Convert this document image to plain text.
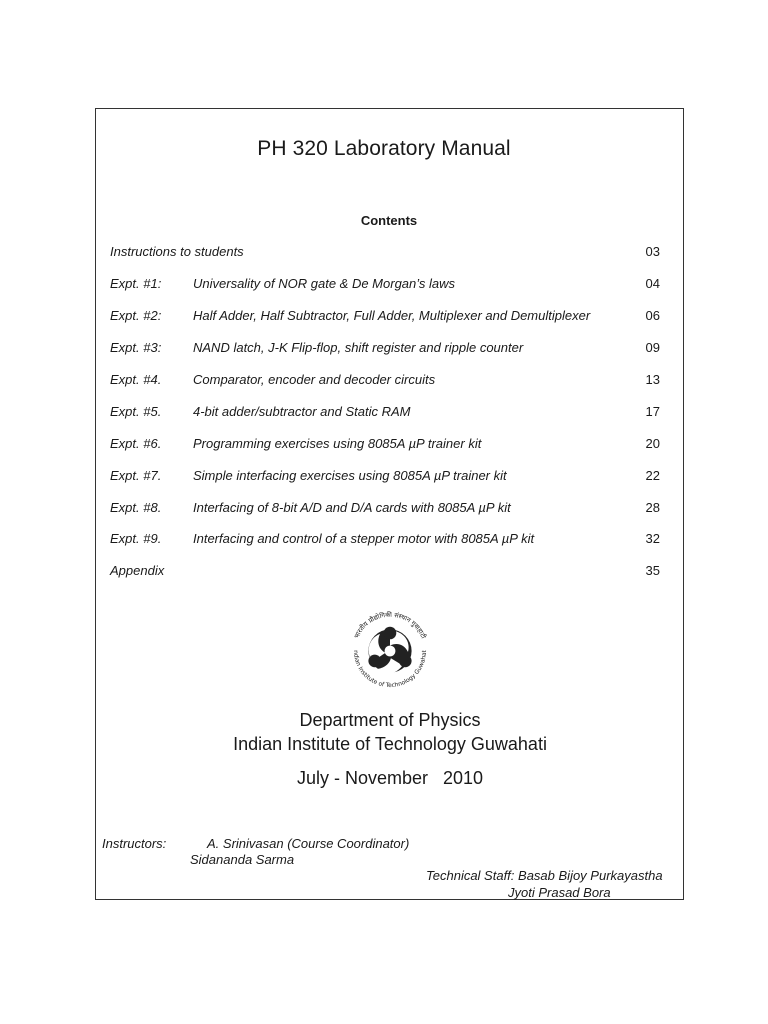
PH 320 Laboratory Manual
Contents
Instructions to students	03
Expt. #1: Universality of NOR gate & De Morgan’s laws	04
Expt. #2: Half Adder, Half Subtractor, Full Adder, Multiplexer and Demultiplexer	06
Expt. #3: NAND latch, J-K Flip-flop, shift register and ripple counter	09
Expt. #4. Comparator, encoder and decoder circuits	13
Expt. #5. 4-bit adder/subtractor and Static RAM	17
Expt. #6. Programming exercises using 8085A µP trainer kit	20
Expt. #7. Simple interfacing exercises using 8085A µP trainer kit	22
Expt. #8. Interfacing of 8-bit A/D and D/A cards with 8085A µP kit	28
Expt. #9. Interfacing and control of a stepper motor with 8085A µP kit	32
Appendix	35
भारतीय प्रौद्योगिकी संस्थान गुवाहाटी
ndian Institute of Technology Guwahat
Department of Physics
Indian Institute of Technology Guwahati
July - November   2010
Instructors:	A. Srinivasan (Course Coordinator)
Sidananda Sarma
Technical Staff: Basab Bijoy Purkayastha
Jyoti Prasad Bora
